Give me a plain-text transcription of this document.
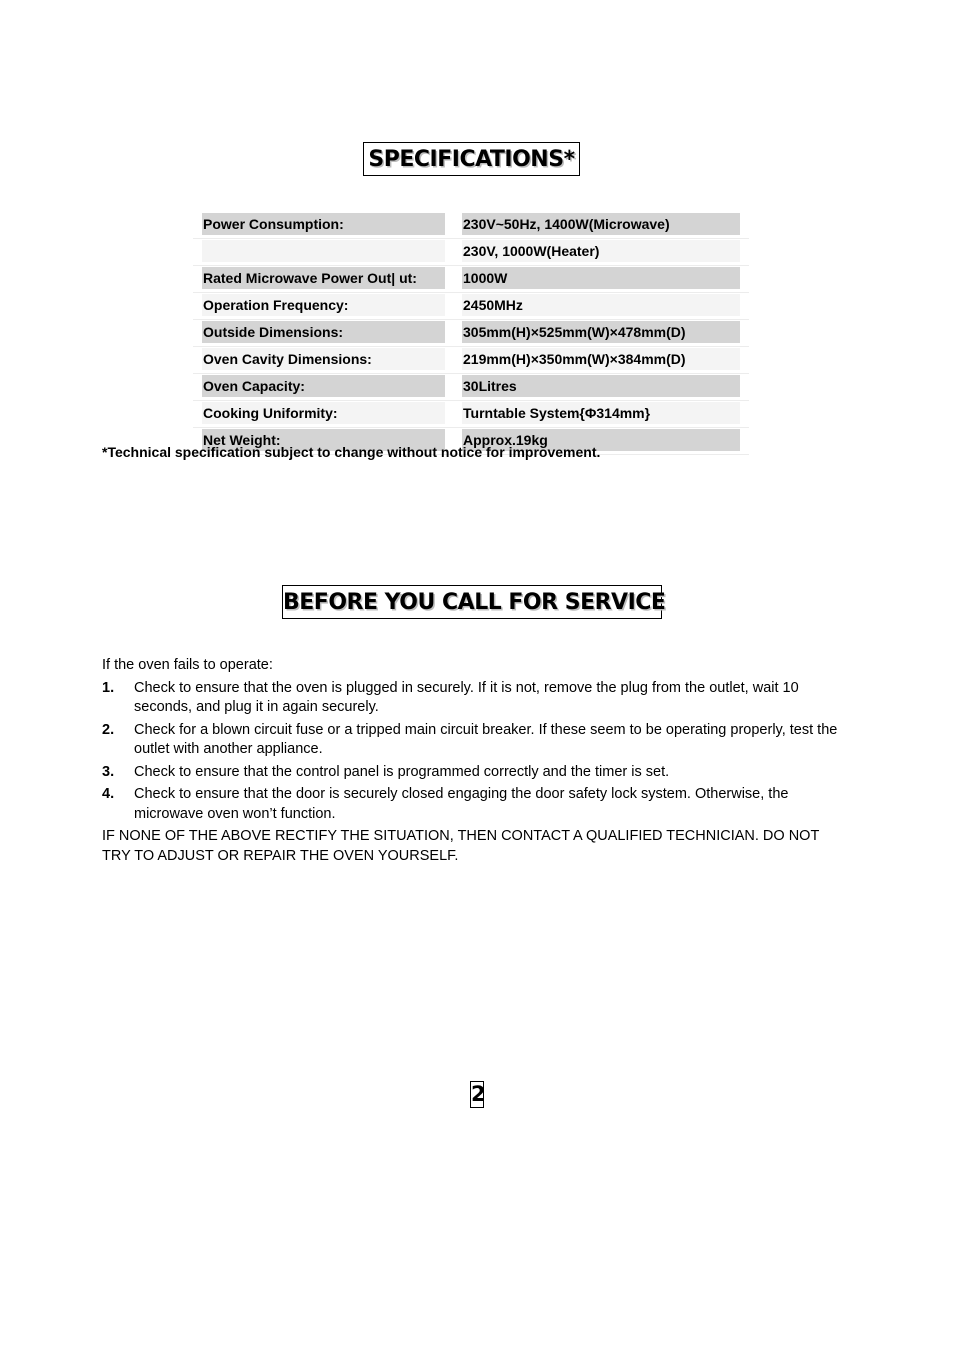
SPECIFICATIONS*
Power Consumption:	230V~50Hz, 1400W(Microwave)
230V, 1000W(Heater)
Rated Microwave Power Out| ut:	1000W
Operation Frequency:	2450MHz
Outside Dimensions:	305mm(H)×525mm(W)×478mm(D)
Oven Cavity Dimensions:	219mm(H)×350mm(W)×384mm(D)
Oven Capacity:	30Litres
Cooking Uniformity:	Turntable System{Φ314mm}
Net Weight:	Approx.19kg
*Technical specification subject to change without notice for improvement.
BEFORE YOU CALL FOR SERVICE

If the oven fails to operate:

1. Check to ensure that the oven is plugged in securely. If it is not, remove the plug from the outlet, wait 10 seconds, and plug it in again securely.
2. Check for a blown circuit fuse or a tripped main circuit breaker. If these seem to be operating properly, test the outlet with another appliance.
3. Check to ensure that the control panel is programmed correctly and the timer is set.
4. Check to ensure that the door is securely closed engaging the door safety lock system. Otherwise, the microwave oven won’t function.

IF NONE OF THE ABOVE RECTIFY THE SITUATION, THEN CONTACT A QUALIFIED TECHNICIAN. DO NOT TRY TO ADJUST OR REPAIR THE OVEN YOURSELF.

2
